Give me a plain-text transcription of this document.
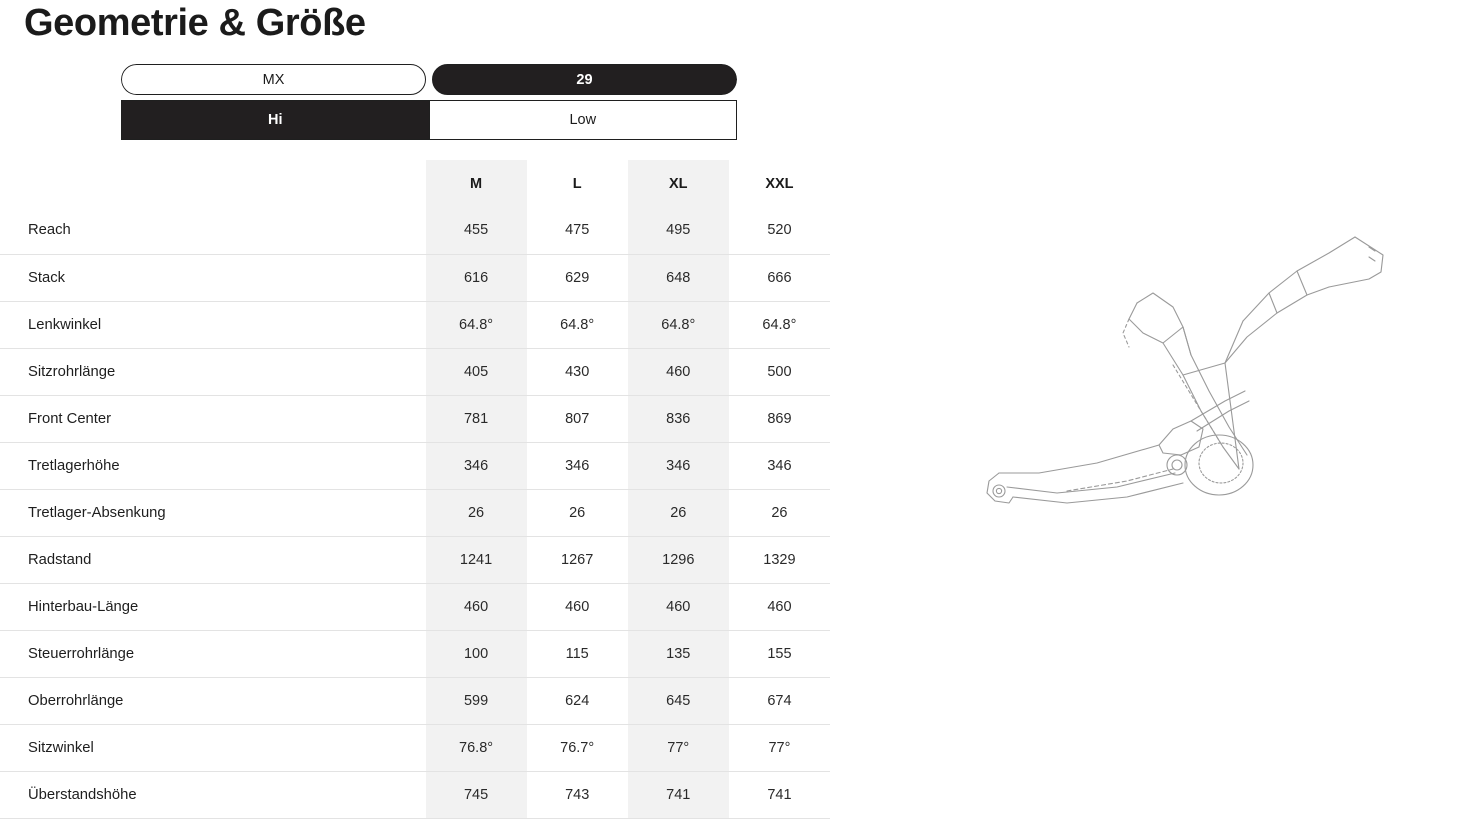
Geometrie & Größe
MX	29
Hi	Low
	M	L	XL	XXL
Reach	455	475	495	520
Stack	616	629	648	666
Lenkwinkel	64.8°	64.8°	64.8°	64.8°
Sitzrohrlänge	405	430	460	500
Front Center	781	807	836	869
Tretlagerhöhe	346	346	346	346
Tretlager-Absenkung	26	26	26	26
Radstand	1241	1267	1296	1329
Hinterbau-Länge	460	460	460	460
Steuerrohrlänge	100	115	135	155
Oberrohrlänge	599	624	645	674
Sitzwinkel	76.8°	76.7°	77°	77°
Überstandshöhe	745	743	741	741
